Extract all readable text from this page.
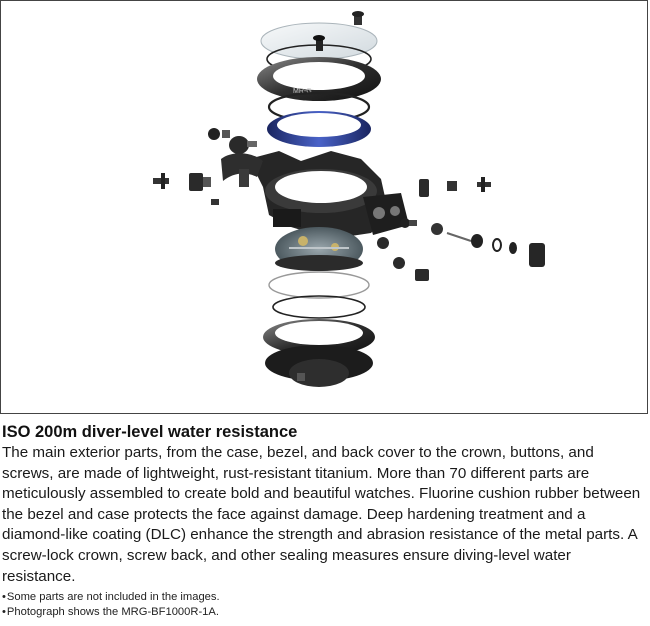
MR-G
ISO 200m diver-level water resistance

The main exterior parts, from the case, bezel, and back cover to the crown, buttons, and screws, are made of lightweight, rust-resistant titanium. More than 70 different parts are meticulously assembled to create bold and beautiful watches. Fluorine cushion rubber between the bezel and case protects the face against damage. Deep hardening treatment and a diamond-like coating (DLC) enhance the strength and abrasion resistance of the metal parts. A screw-lock crown, screw back, and other sealing measures ensure diving-level water resistance.

• Some parts are not included in the images.
• Photograph shows the MRG-BF1000R-1A.
